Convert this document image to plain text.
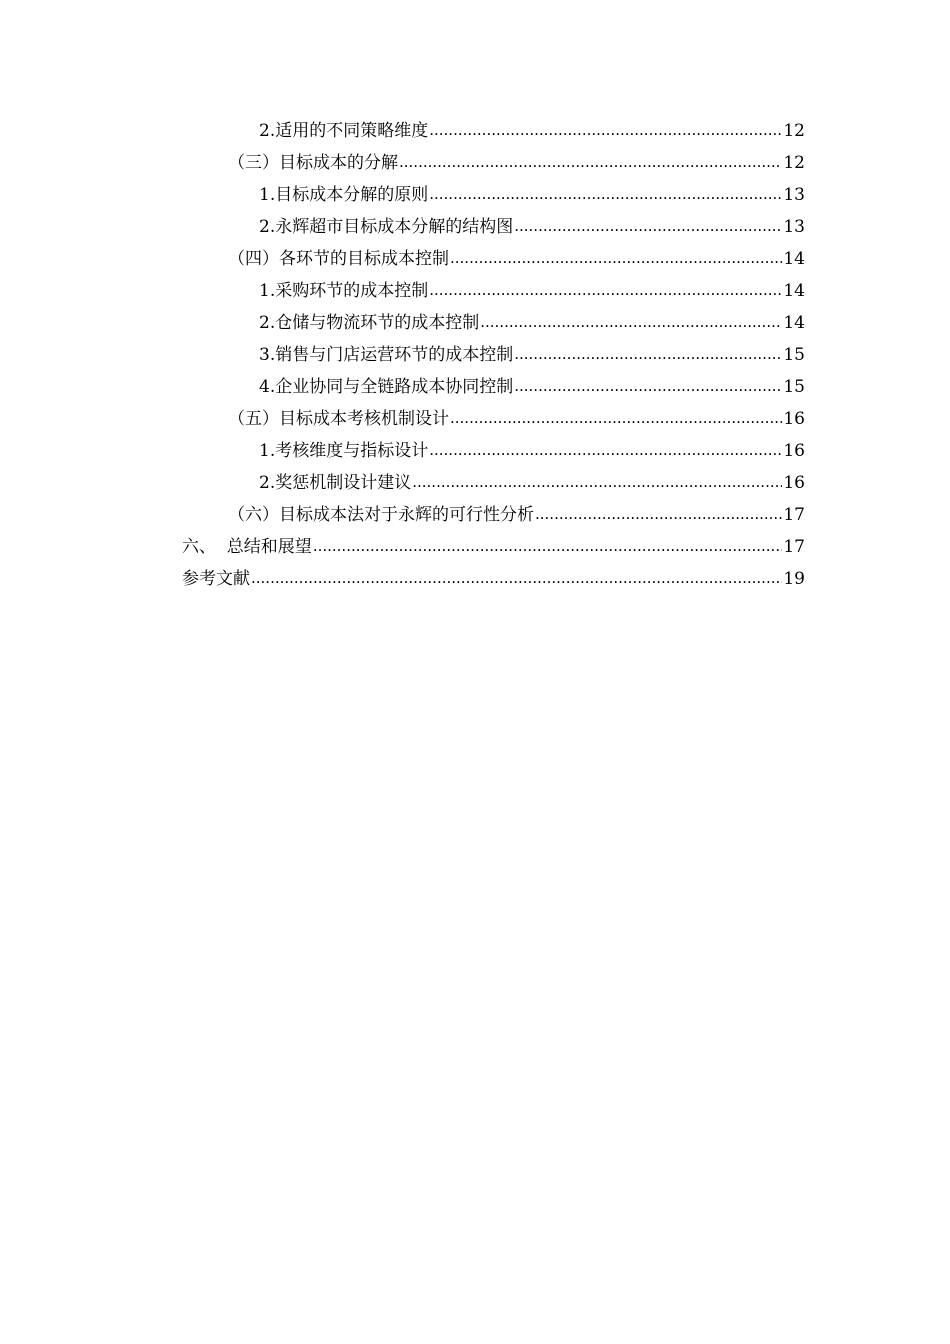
2.适用的不同策略维度 .....	12
（三）目标成本的分解 .....	12
1.目标成本分解的原则 .....	13
2.永辉超市目标成本分解的结构图 .....	13
（四）各环节的目标成本控制 .....	14
1.采购环节的成本控制 .....	14
2.仓储与物流环节的成本控制 .....	14
3.销售与门店运营环节的成本控制 .....	15
4.企业协同与全链路成本协同控制 .....	15
（五）目标成本考核机制设计 .....	16
1.考核维度与指标设计 .....	16
2.奖惩机制设计建议 .....	16
（六）目标成本法对于永辉的可行性分析 .....	17
六、  总结和展望 .....	17
参考文献 .....	19
